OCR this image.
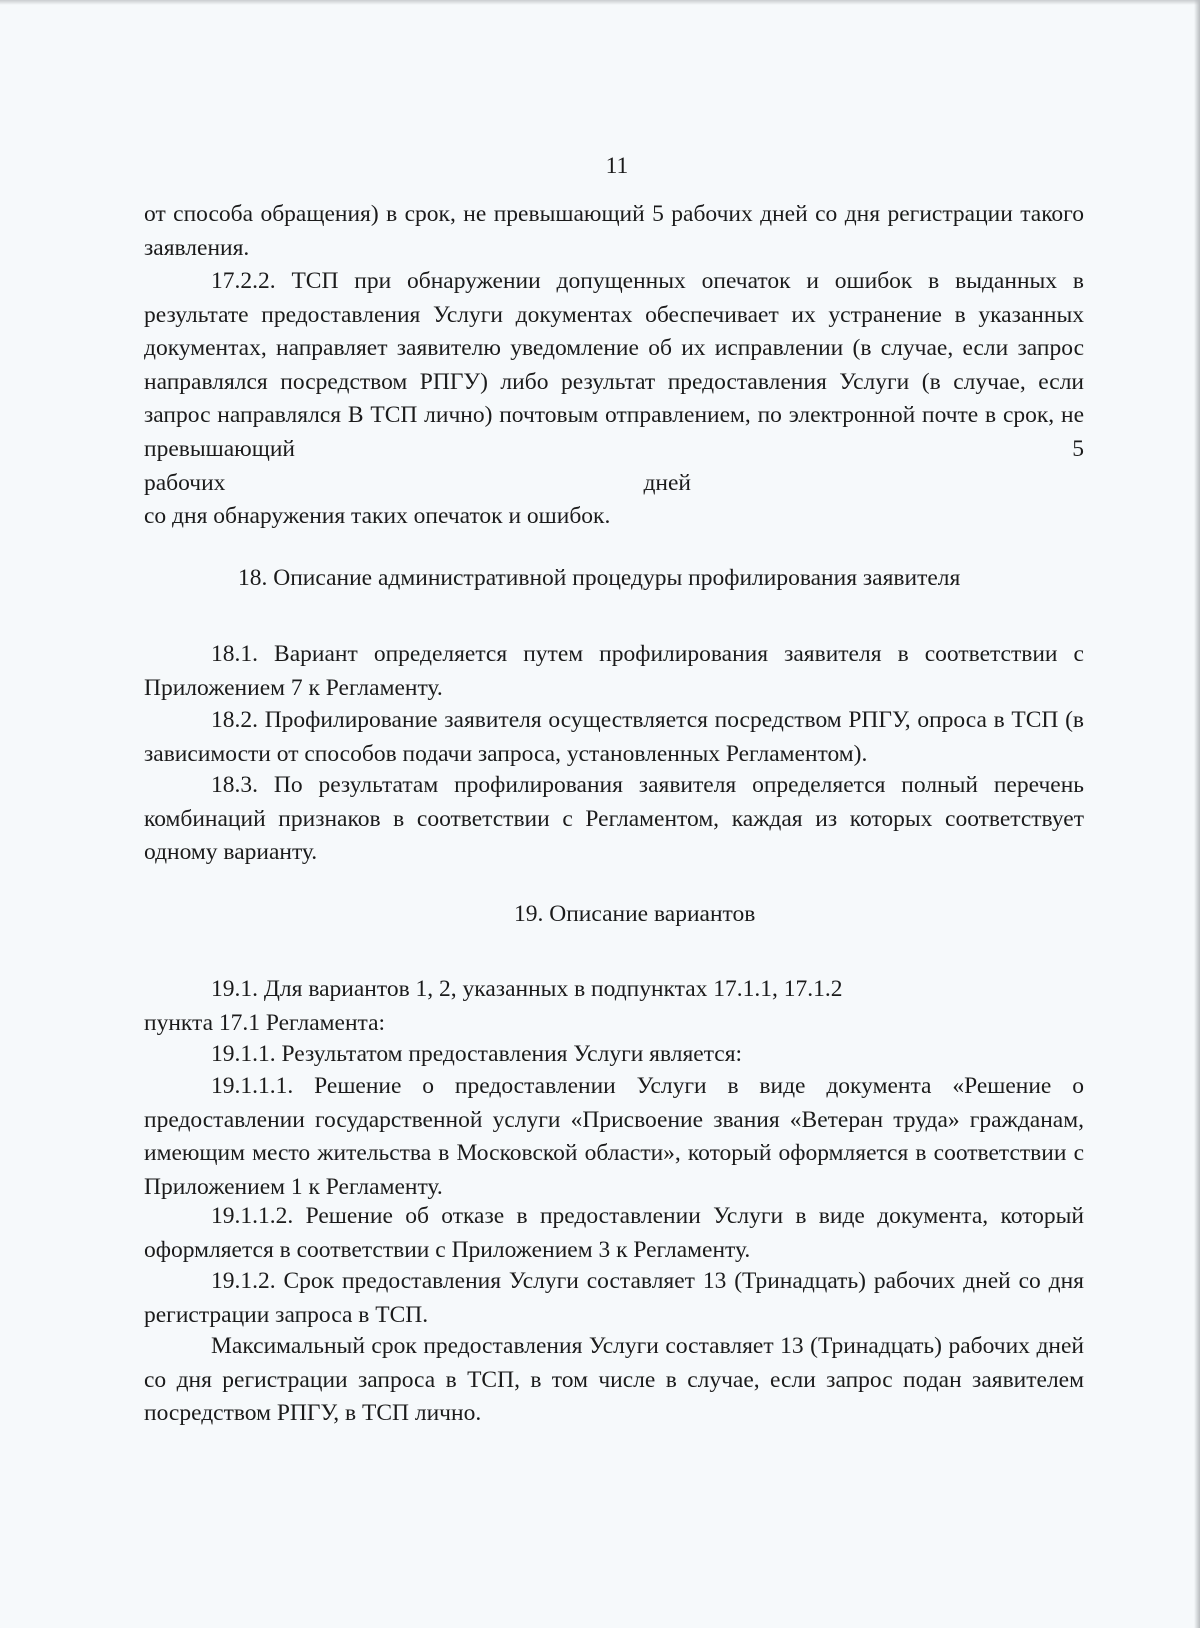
11

от способа обращения) в срок, не превышающий 5 рабочих дней со дня регистрации такого заявления.

17.2.2. ТСП при обнаружении допущенных опечаток и ошибок в выданных в результате предоставления Услуги документах обеспечивает их устранение в указанных документах, направляет заявителю уведомление об их исправлении (в случае, если запрос направлялся посредством РПГУ) либо результат предоставления Услуги (в случае, если запрос направлялся В ТСП лично) почтовым отправлением, по электронной почте в срок, не превышающий 5

рабочих	дней

со дня обнаружения таких опечаток и ошибок.

18. Описание административной процедуры профилирования заявителя

18.1. Вариант определяется путем профилирования заявителя в соответствии с Приложением 7 к Регламенту.

18.2. Профилирование заявителя осуществляется посредством РПГУ, опроса в ТСП (в зависимости от способов подачи запроса, установленных Регламентом).

18.3. По результатам профилирования заявителя определяется полный перечень комбинаций признаков в соответствии с Регламентом, каждая из которых соответствует одному варианту.

19. Описание вариантов

19.1. Для вариантов 1, 2, указанных в подпунктах 17.1.1, 17.1.2

пункта 17.1 Регламента:

19.1.1. Результатом предоставления Услуги является:

19.1.1.1. Решение о предоставлении Услуги в виде документа «Решение о предоставлении государственной услуги «Присвоение звания «Ветеран труда» гражданам, имеющим место жительства в Московской области», который оформляется в соответствии с Приложением 1 к Регламенту.

19.1.1.2. Решение об отказе в предоставлении Услуги в виде документа, который оформляется в соответствии с Приложением 3 к Регламенту.

19.1.2. Срок предоставления Услуги составляет 13 (Тринадцать) рабочих дней со дня регистрации запроса в ТСП.

Максимальный срок предоставления Услуги составляет 13 (Тринадцать) рабочих дней со дня регистрации запроса в ТСП, в том числе в случае, если запрос подан заявителем посредством РПГУ, в ТСП лично.
